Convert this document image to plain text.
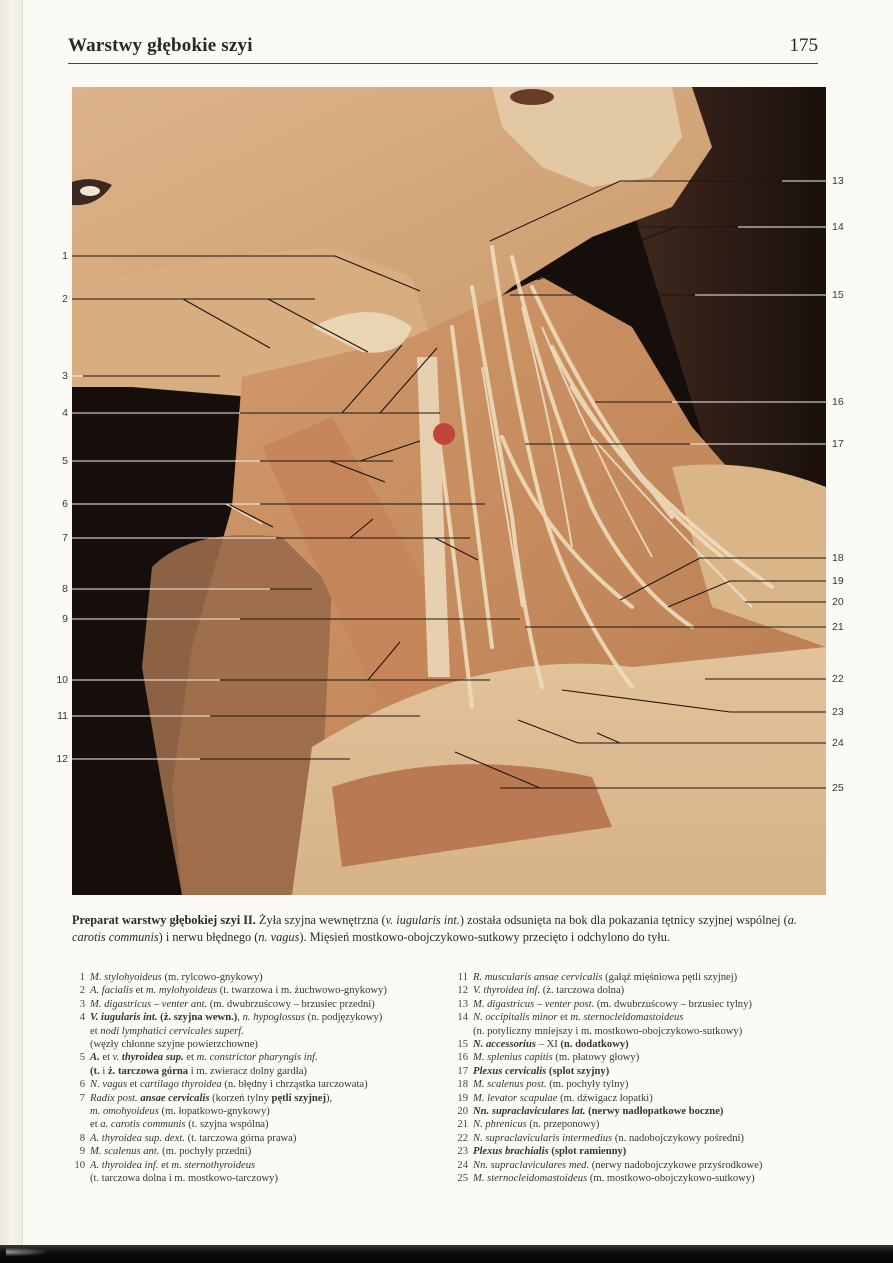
Warstwy głębokie szyi	175
1
2
3
4
5
6
7
8
9
10
11
12
13
14
15
16
17
18
19
20
21
22
23
24
25
Preparat warstwy głębokiej szyi II. Żyła szyjna wewnętrzna (v. iugularis int.) została odsunięta na bok dla pokazania tętnicy szyjnej wspólnej (a. carotis communis) i nerwu błędnego (n. vagus). Mięsień mostkowo-obojczykowo-sutkowy przecięto i odchylono do tyłu.
1 M. stylohyoideus (m. rylcowo-gnykowy)
2 A. facialis et m. mylohyoideus (t. twarzowa i m. żuchwowo-gnykowy)
3 M. digastricus – venter ant. (m. dwubrzuścowy – brzusiec przedni)
4 V. iugularis int. (ż. szyjna wewn.), n. hypoglossus (n. podjęzykowy)
et nodi lymphatici cervicales superf.
(węzły chłonne szyjne powierzchowne)
5 A. et v. thyroidea sup. et m. constrictor pharyngis inf.
(t. i ż. tarczowa górna i m. zwieracz dolny gardła)
6 N. vagus et cartilago thyroidea (n. błędny i chrząstka tarczowata)
7 Radix post. ansae cervicalis (korzeń tylny pętli szyjnej),
m. omohyoideus (m. łopatkowo-gnykowy)
et a. carotis communis (t. szyjna wspólna)
8 A. thyroidea sup. dext. (t. tarczowa górna prawa)
9 M. scalenus ant. (m. pochyły przedni)
10 A. thyroidea inf. et m. sternothyroideus
(t. tarczowa dolna i m. mostkowo-tarczowy)
11 R. muscularis ansae cervicalis (gałąź mięśniowa pętli szyjnej)
12 V. thyroidea inf. (ż. tarczowa dolna)
13 M. digastricus – venter post. (m. dwubrzuścowy – brzusiec tylny)
14 N. occipitalis minor et m. sternocleidomastoideus
(n. potyliczny mniejszy i m. mostkowo-obojczykowo-sutkowy)
15 N. accessorius – XI (n. dodatkowy)
16 M. splenius capitis (m. płatowy głowy)
17 Plexus cervicalis (splot szyjny)
18 M. scalenus post. (m. pochyły tylny)
19 M. levator scapulae (m. dźwigacz łopatki)
20 Nn. supraclaviculares lat. (nerwy nadłopatkowe boczne)
21 N. phrenicus (n. przeponowy)
22 N. supraclavicularis intermedius (n. nadobojczykowy pośredni)
23 Plexus brachialis (splot ramienny)
24 Nn. supraclaviculares med. (nerwy nadobojczykowe przyśrodkowe)
25 M. sternocleidomastoideus (m. mostkowo-obojczykowo-sutkowy)
